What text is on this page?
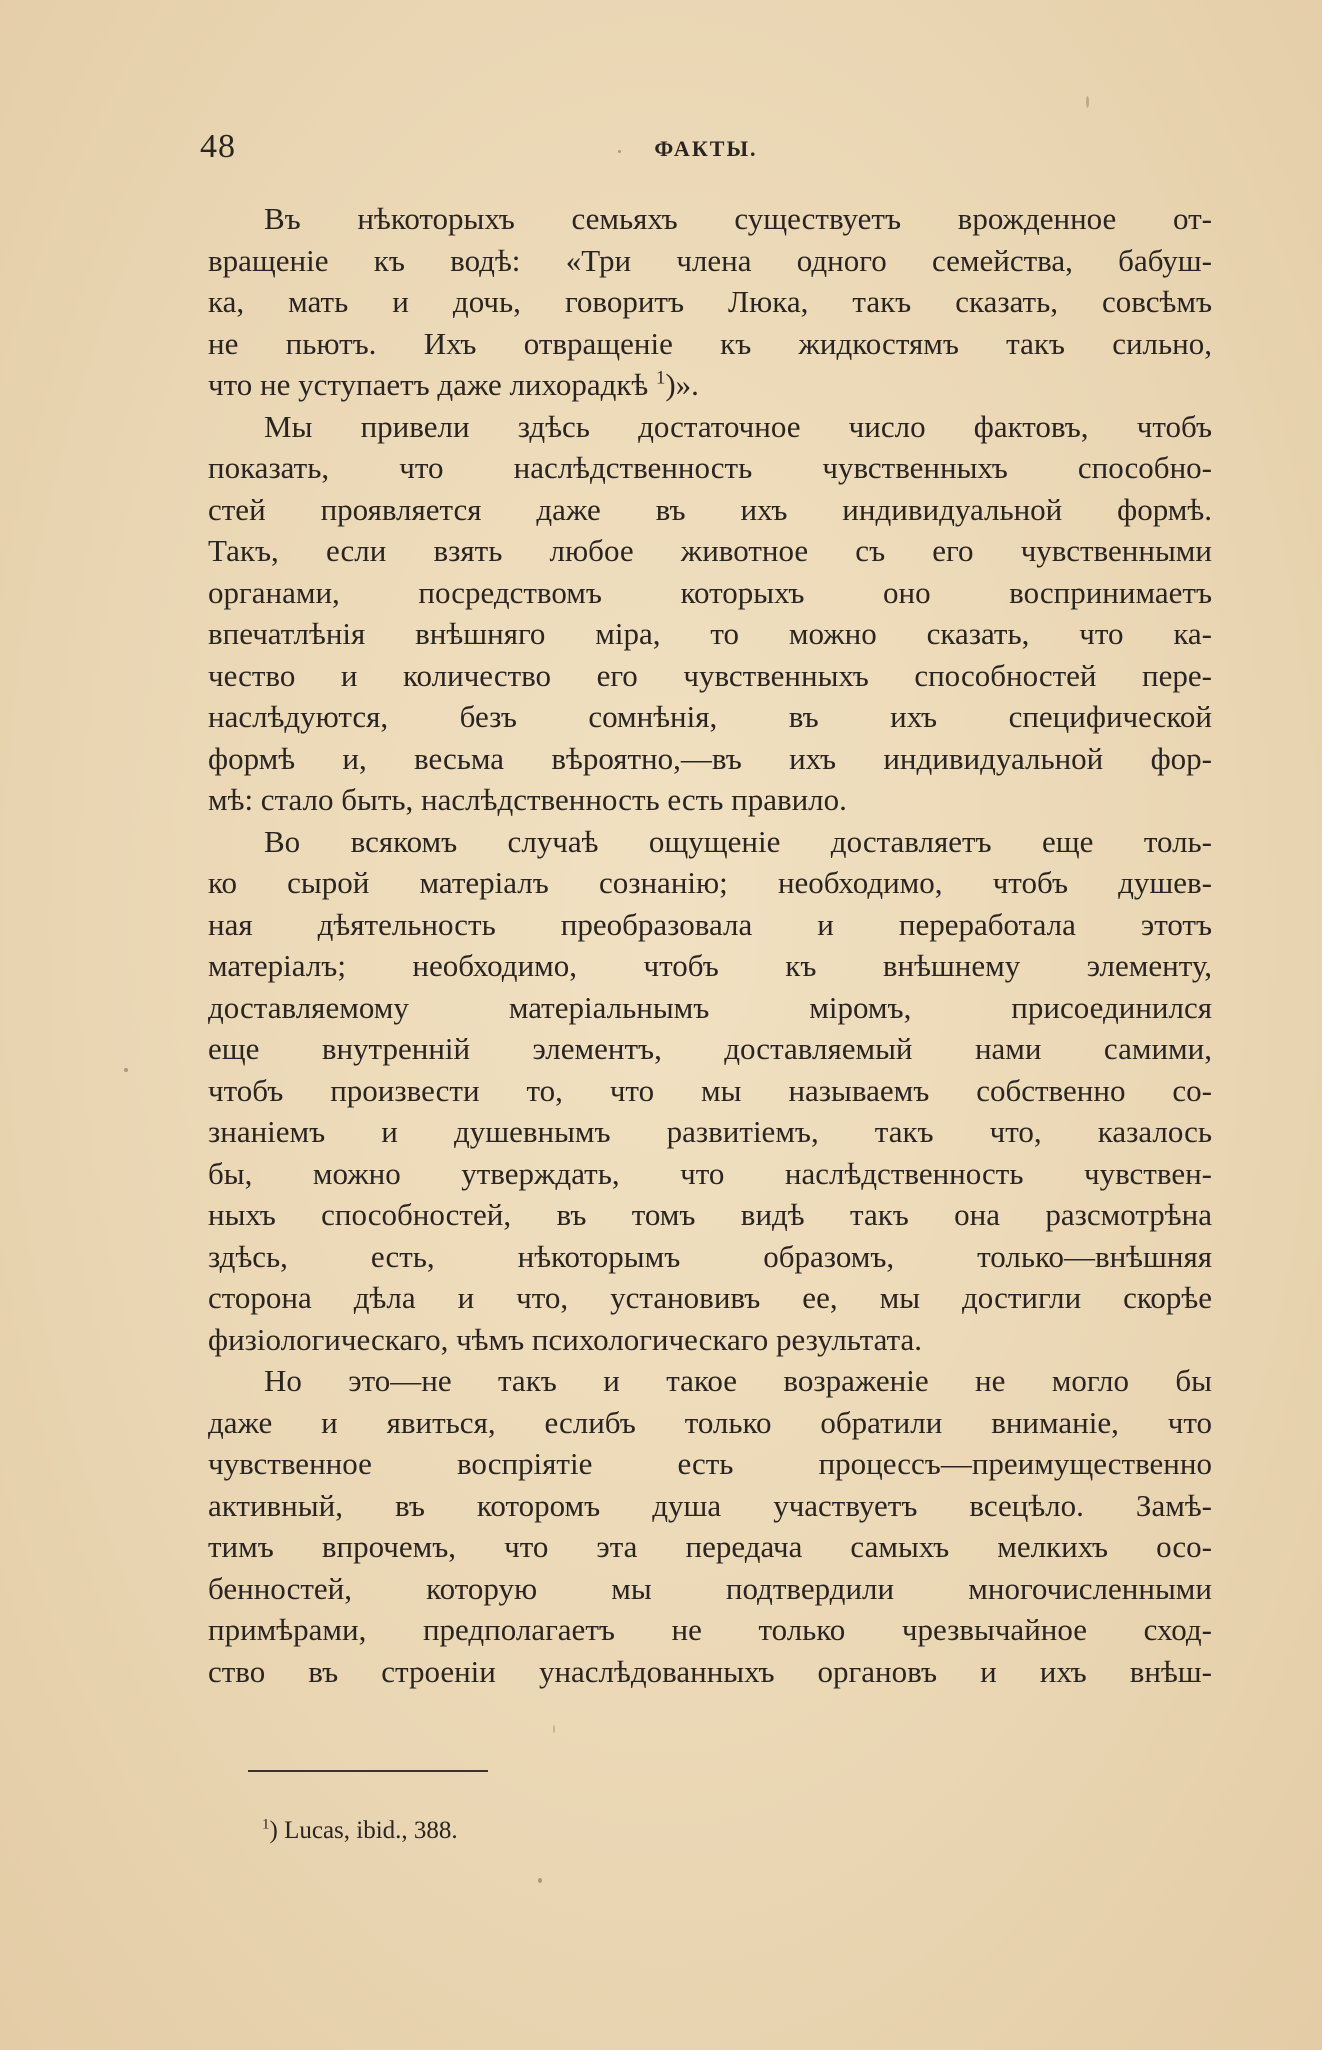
48	ФАКТЫ.
Въ нѣкоторыхъ семьяхъ существуетъ врожденное от-
вращеніе къ водѣ: «Три члена одного семейства, бабуш-
ка, мать и дочь, говоритъ Люка, такъ сказать, совсѣмъ
не пьютъ. Ихъ отвращеніе къ жидкостямъ такъ сильно,
что не уступаетъ даже лихорадкѣ $^1$)».
Мы привели здѣсь достаточное число фактовъ, чтобъ
показать, что наслѣдственность чувственныхъ способно-
стей проявляется даже въ ихъ индивидуальной формѣ.
Такъ, если взять любое животное съ его чувственными
органами, посредствомъ которыхъ оно воспринимаетъ
впечатлѣнія внѣшняго міра, то можно сказать, что ка-
чество и количество его чувственныхъ способностей пере-
наслѣдуются, безъ сомнѣнія, въ ихъ специфической
формѣ и, весьма вѣроятно,—въ ихъ индивидуальной фор-
мѣ: стало быть, наслѣдственность есть правило.
Во всякомъ случаѣ ощущеніе доставляетъ еще толь-
ко сырой матеріалъ сознанію; необходимо, чтобъ душев-
ная дѣятельность преобразовала и переработала этотъ
матеріалъ; необходимо, чтобъ къ внѣшнему элементу,
доставляемому матеріальнымъ міромъ, присоединился
еще внутренній элементъ, доставляемый нами самими,
чтобъ произвести то, что мы называемъ собственно со-
знаніемъ и душевнымъ развитіемъ, такъ что, казалось
бы, можно утверждать, что наслѣдственность чувствен-
ныхъ способностей, въ томъ видѣ такъ она разсмотрѣна
здѣсь, есть, нѣкоторымъ образомъ, только—внѣшняя
сторона дѣла и что, установивъ ее, мы достигли скорѣе
физіологическаго, чѣмъ психологическаго результата.
Но это—не такъ и такое возраженіе не могло бы
даже и явиться, еслибъ только обратили вниманіе, что
чувственное воспріятіе есть процессъ—преимущественно
активный, въ которомъ душа участвуетъ всецѣло. Замѣ-
тимъ впрочемъ, что эта передача самыхъ мелкихъ осо-
бенностей, которую мы подтвердили многочисленными
примѣрами, предполагаетъ не только чрезвычайное сход-
ство въ строеніи унаслѣдованныхъ органовъ и ихъ внѣш-
$^1$) Lucas, ibid., 388.
